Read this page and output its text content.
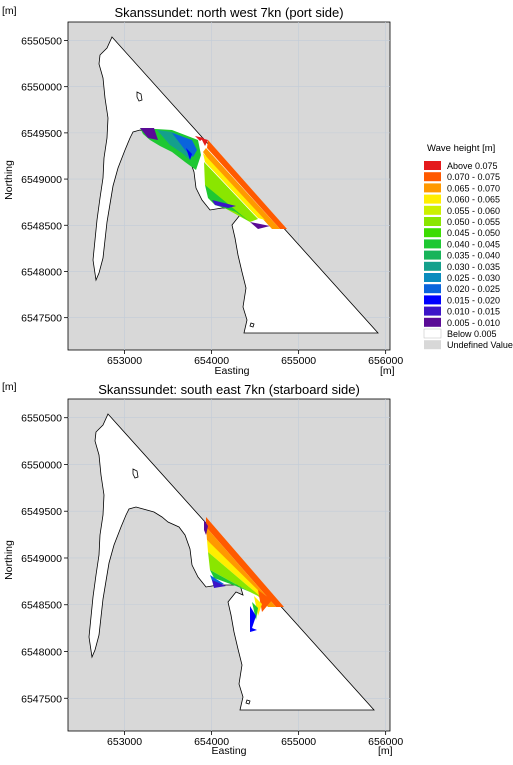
[m]	Skanssundet: north west 7kn (port side)
653000	654000	655000	656000
6547500
6548000
6548500
6549000
6549500
6550000
6550500
Easting	[m]
Northing
[m]	Skanssundet: south east 7kn (starboard side)
653000	654000	655000	656000
6547500
6548000
6548500
6549000
6549500
6550000
6550500
Easting	[m]
Northing
Wave height [m]
Above 0.075
0.070 - 0.075
0.065 - 0.070
0.060 - 0.065
0.055 - 0.060
0.050 - 0.055
0.045 - 0.050
0.040 - 0.045
0.035 - 0.040
0.030 - 0.035
0.025 - 0.030
0.020 - 0.025
0.015 - 0.020
0.010 - 0.015
0.005 - 0.010
Below 0.005
Undefined Value
